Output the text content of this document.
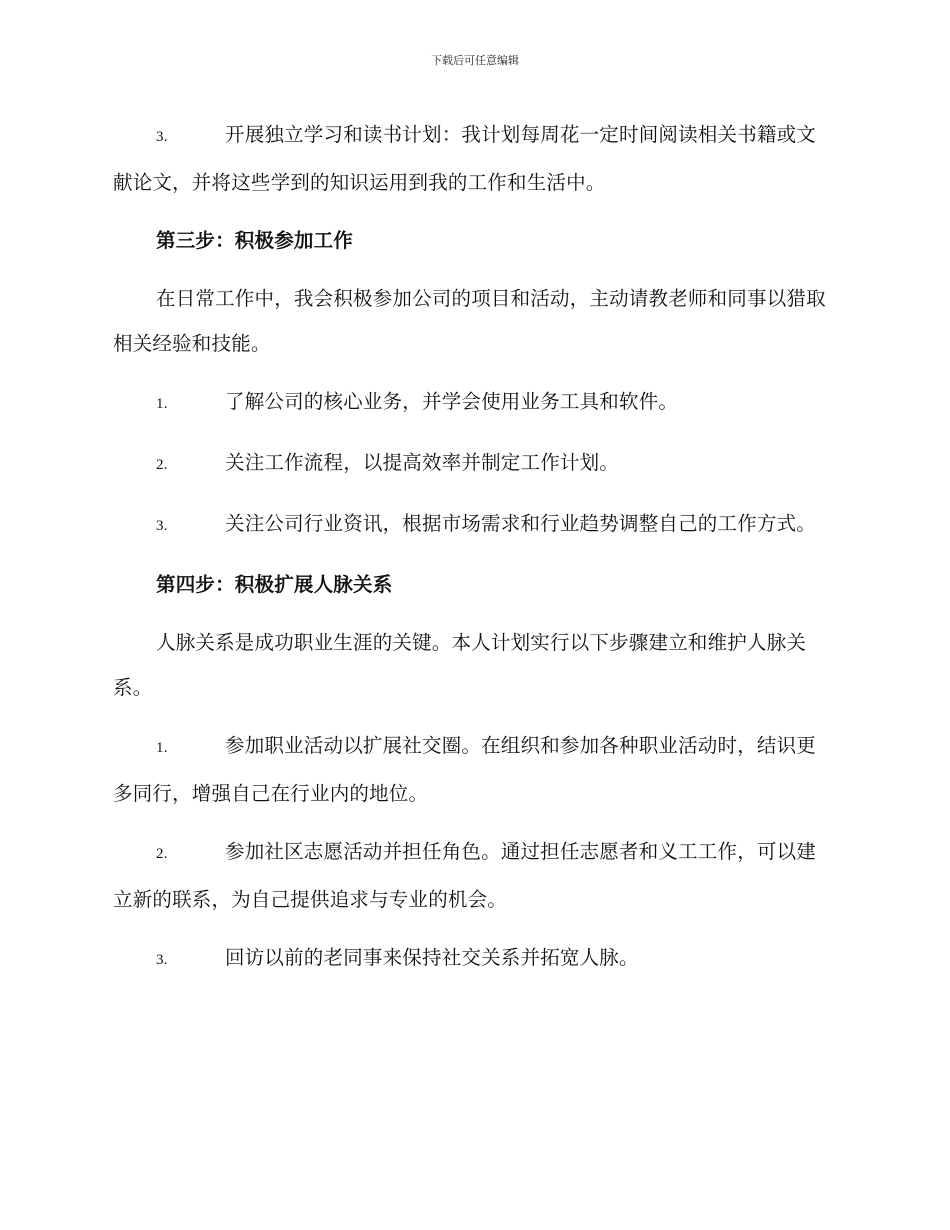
下载后可任意编辑

3.	开展独立学习和读书计划：我计划每周花一定时间阅读相关书籍或文献论文，并将这些学到的知识运用到我的工作和生活中。

第三步：积极参加工作

在日常工作中，我会积极参加公司的项目和活动，主动请教老师和同事以猎取相关经验和技能。

1.	了解公司的核心业务，并学会使用业务工具和软件。

2.	关注工作流程，以提高效率并制定工作计划。

3.	关注公司行业资讯，根据市场需求和行业趋势调整自己的工作方式。

第四步：积极扩展人脉关系

人脉关系是成功职业生涯的关键。本人计划实行以下步骤建立和维护人脉关系。

1.	参加职业活动以扩展社交圈。在组织和参加各种职业活动时，结识更多同行，增强自己在行业内的地位。

2.	参加社区志愿活动并担任角色。通过担任志愿者和义工工作，可以建立新的联系，为自己提供追求与专业的机会。

3.	回访以前的老同事来保持社交关系并拓宽人脉。
